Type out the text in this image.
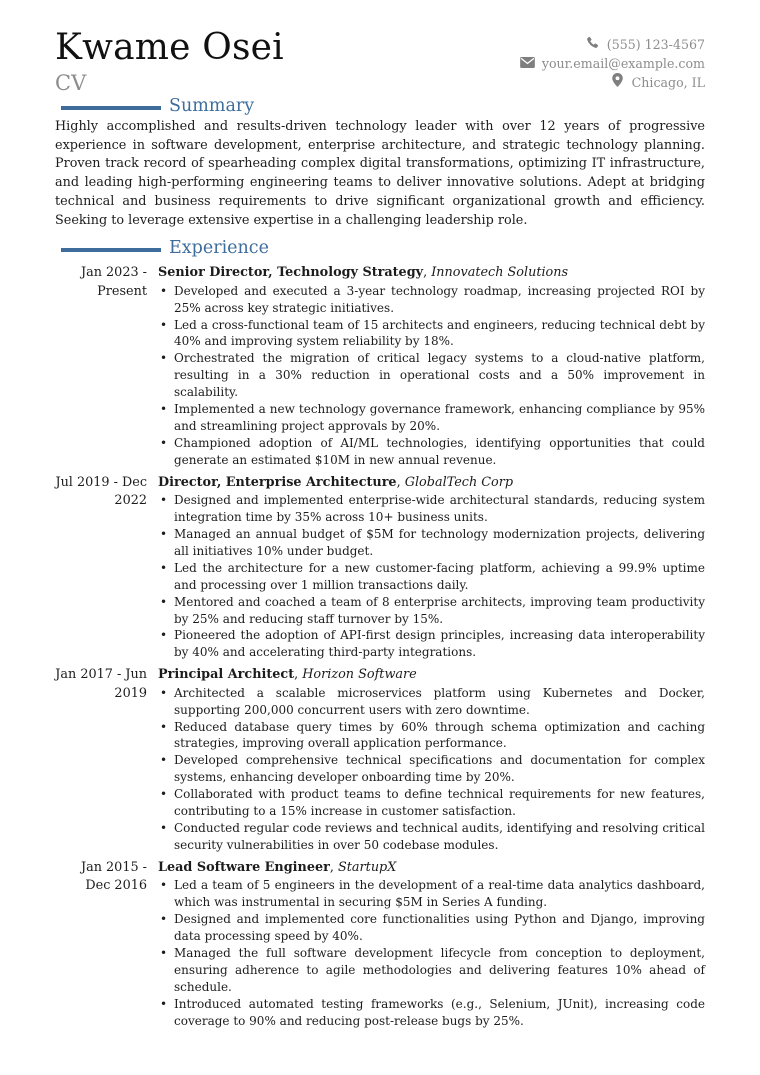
Kwame Osei
CV
(555) 123-4567
your.email@example.com
Chicago, IL
Summary

Highly accomplished and results-driven technology leader with over 12 years of progressive experience in software development, enterprise architecture, and strategic technology planning. Proven track record of spearheading complex digital transformations, optimizing IT infrastructure, and leading high-performing engineering teams to deliver innovative solutions. Adept at bridging technical and business requirements to drive significant organizational growth and efficiency. Seeking to leverage extensive expertise in a challenging leadership role.

Experience
Jan 2023 - Present
Senior Director, Technology Strategy, Innovatech Solutions
• Developed and executed a 3-year technology roadmap, increasing projected ROI by 25% across key strategic initiatives.
• Led a cross-functional team of 15 architects and engineers, reducing technical debt by 40% and improving system reliability by 18%.
• Orchestrated the migration of critical legacy systems to a cloud-native platform, resulting in a 30% reduction in operational costs and a 50% improvement in scalability.
• Implemented a new technology governance framework, enhancing compliance by 95% and streamlining project approvals by 20%.
• Championed adoption of AI/ML technologies, identifying opportunities that could generate an estimated $10M in new annual revenue.
Jul 2019 - Dec 2022
Director, Enterprise Architecture, GlobalTech Corp
• Designed and implemented enterprise-wide architectural standards, reducing system integration time by 35% across 10+ business units.
• Managed an annual budget of $5M for technology modernization projects, delivering all initiatives 10% under budget.
• Led the architecture for a new customer-facing platform, achieving a 99.9% uptime and processing over 1 million transactions daily.
• Mentored and coached a team of 8 enterprise architects, improving team productivity by 25% and reducing staff turnover by 15%.
• Pioneered the adoption of API-first design principles, increasing data interoperability by 40% and accelerating third-party integrations.
Jan 2017 - Jun 2019
Principal Architect, Horizon Software
• Architected a scalable microservices platform using Kubernetes and Docker, supporting 200,000 concurrent users with zero downtime.
• Reduced database query times by 60% through schema optimization and caching strategies, improving overall application performance.
• Developed comprehensive technical specifications and documentation for complex systems, enhancing developer onboarding time by 20%.
• Collaborated with product teams to define technical requirements for new features, contributing to a 15% increase in customer satisfaction.
• Conducted regular code reviews and technical audits, identifying and resolving critical security vulnerabilities in over 50 codebase modules.
Jan 2015 - Dec 2016
Lead Software Engineer, StartupX
• Led a team of 5 engineers in the development of a real-time data analytics dashboard, which was instrumental in securing $5M in Series A funding.
• Designed and implemented core functionalities using Python and Django, improving data processing speed by 40%.
• Managed the full software development lifecycle from conception to deployment, ensuring adherence to agile methodologies and delivering features 10% ahead of schedule.
• Introduced automated testing frameworks (e.g., Selenium, JUnit), increasing code coverage to 90% and reducing post-release bugs by 25%.
